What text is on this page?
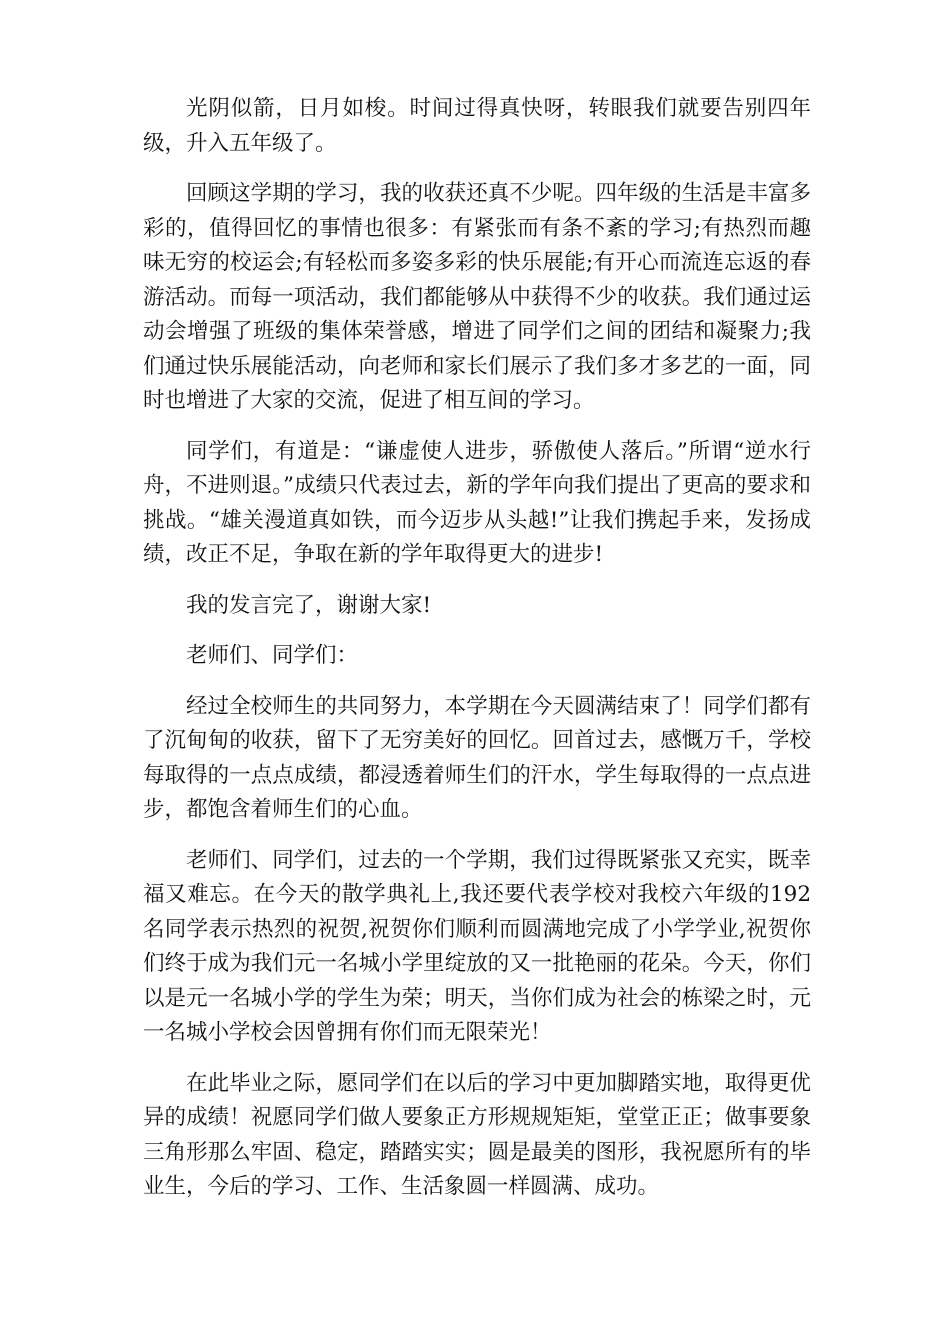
光阴似箭，日月如梭。时间过得真快呀，转眼我们就要告别四年级，升入五年级了。

回顾这学期的学习，我的收获还真不少呢。四年级的生活是丰富多彩的，值得回忆的事情也很多：有紧张而有条不紊的学习;有热烈而趣味无穷的校运会;有轻松而多姿多彩的快乐展能;有开心而流连忘返的春游活动。而每一项活动，我们都能够从中获得不少的收获。我们通过运动会增强了班级的集体荣誉感，增进了同学们之间的团结和凝聚力;我们通过快乐展能活动，向老师和家长们展示了我们多才多艺的一面，同时也增进了大家的交流，促进了相互间的学习。

同学们，有道是：“谦虚使人进步，骄傲使人落后。”所谓“逆水行舟，不进则退。”成绩只代表过去，新的学年向我们提出了更高的要求和挑战。“雄关漫道真如铁，而今迈步从头越!”让我们携起手来，发扬成绩，改正不足，争取在新的学年取得更大的进步!

我的发言完了，谢谢大家!

老师们、同学们：

经过全校师生的共同努力，本学期在今天圆满结束了！同学们都有了沉甸甸的收获，留下了无穷美好的回忆。回首过去，感慨万千，学校每取得的一点点成绩，都浸透着师生们的汗水，学生每取得的一点点进步，都饱含着师生们的心血。

老师们、同学们，过去的一个学期，我们过得既紧张又充实，既幸福又难忘。在今天的散学典礼上,我还要代表学校对我校六年级的192 名同学表示热烈的祝贺,祝贺你们顺利而圆满地完成了小学学业,祝贺你们终于成为我们元一名城小学里绽放的又一批艳丽的花朵。今天，你们以是元一名城小学的学生为荣；明天，当你们成为社会的栋梁之时，元一名城小学校会因曾拥有你们而无限荣光！

在此毕业之际，愿同学们在以后的学习中更加脚踏实地，取得更优异的成绩！祝愿同学们做人要象正方形规规矩矩，堂堂正正；做事要象三角形那么牢固、稳定，踏踏实实；圆是最美的图形，我祝愿所有的毕业生，今后的学习、工作、生活象圆一样圆满、成功。
